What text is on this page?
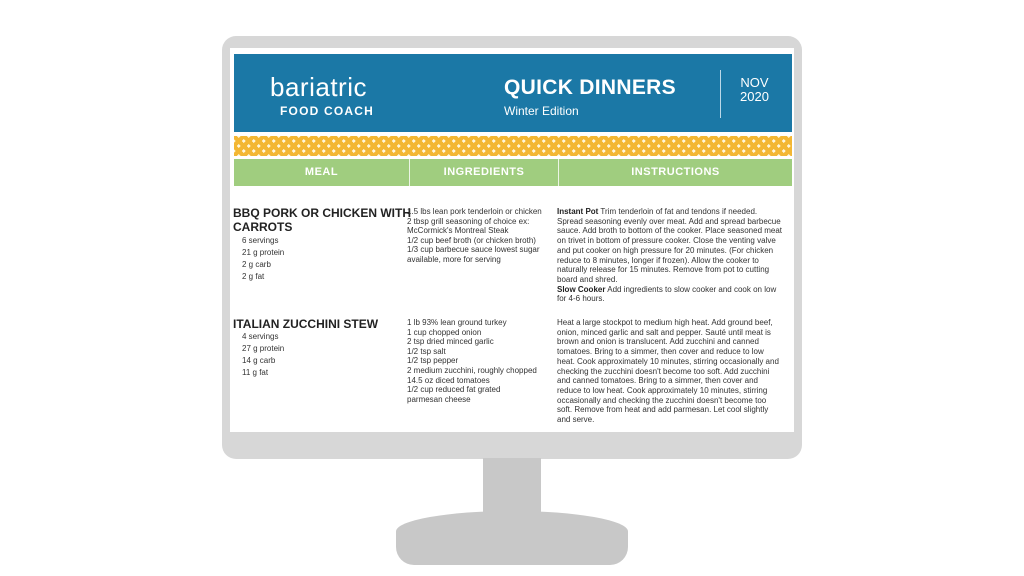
bariatric
FOOD COACH
QUICK DINNERS
Winter Edition
NOV
2020
MEAL	INGREDIENTS	INSTRUCTIONS
BBQ PORK OR CHICKEN WITH
CARROTS
6 servings
21 g protein
2 g carb
2 g fat
1.5 lbs lean pork tenderloin or chicken
2 tbsp grill seasoning of choice ex:
McCormick's Montreal Steak
1/2 cup beef broth (or chicken broth)
1/3 cup barbecue sauce lowest sugar
available, more for serving
Instant Pot Trim tenderloin of fat and tendons if needed. Spread seasoning evenly over meat. Add and spread barbecue sauce. Add broth to bottom of the cooker. Place seasoned meat on trivet in bottom of pressure cooker. Close the venting valve and put cooker on high pressure for 20 minutes. (For chicken reduce to 8 minutes, longer if frozen). Allow the cooker to naturally release for 15 minutes. Remove from pot to cutting board and shred.
Slow Cooker Add ingredients to slow cooker and cook on low for 4-6 hours.
ITALIAN ZUCCHINI STEW
4 servings
27 g protein
14 g carb
11 g fat
1 lb 93% lean ground turkey
1 cup chopped onion
2 tsp dried minced garlic
1/2 tsp salt
1/2 tsp pepper
2 medium zucchini, roughly chopped
14.5 oz diced tomatoes
1/2 cup reduced fat grated
parmesan cheese
Heat a large stockpot to medium high heat. Add ground beef, onion, minced garlic and salt and pepper. Sauté until meat is brown and onion is translucent. Add zucchini and canned tomatoes. Bring to a simmer, then cover and reduce to low heat. Cook approximately 10 minutes, stirring occasionally and checking the zucchini doesn't become too soft. Add zucchini and canned tomatoes. Bring to a simmer, then cover and reduce to low heat. Cook approximately 10 minutes, stirring occasionally and checking the zucchini doesn't become too soft. Remove from heat and add parmesan. Let cool slightly and serve.
